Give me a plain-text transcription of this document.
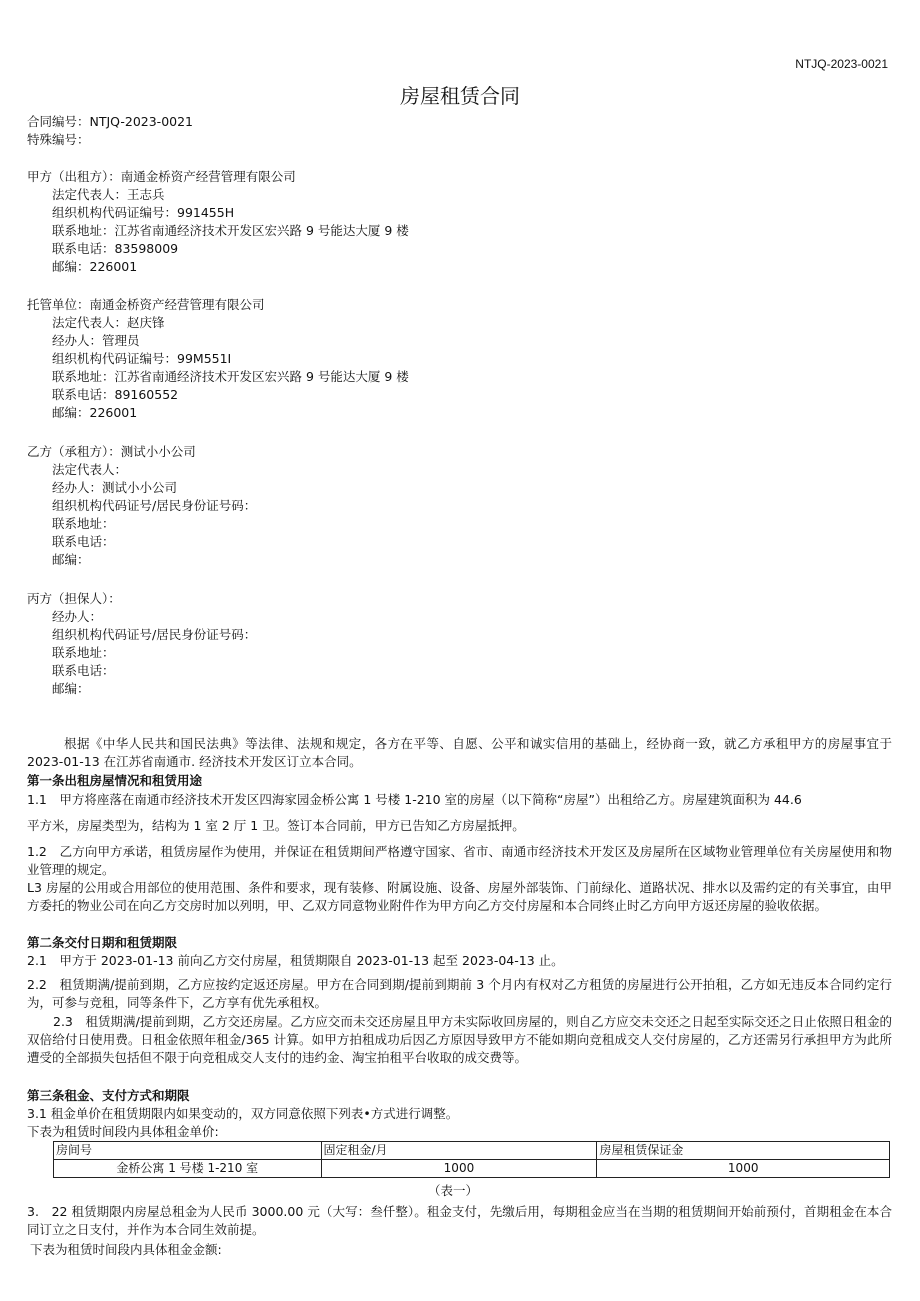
NTJQ-2023-0021
房屋租赁合同
合同编号：NTJQ-2023-0021
特殊编号：
甲方（出租方）：南通金桥资产经营管理有限公司
法定代表人：王志兵
组织机构代码证编号：991455H
联系地址：江苏省南通经济技术开发区宏兴路 9 号能达大厦 9 楼
联系电话：83598009
邮编：226001
托管单位：南通金桥资产经营管理有限公司
法定代表人：赵庆锋
经办人：管理员
组织机构代码证编号：99M551I
联系地址：江苏省南通经济技术开发区宏兴路 9 号能达大厦 9 楼
联系电话：89160552
邮编：226001
乙方（承租方）：测试小小公司
法定代表人：
经办人：测试小小公司
组织机构代码证号/居民身份证号码：
联系地址：
联系电话：
邮编：
丙方（担保人）：
经办人：
组织机构代码证号/居民身份证号码：
联系地址：
联系电话：
邮编：
根据《中华人民共和国民法典》等法律、法规和规定，各方在平等、自愿、公平和诚实信用的基础上，经协商一致，就乙方承租甲方的房屋事宜于 2023-01-13 在江苏省南通市. 经济技术开发区订立本合同。
第一条出租房屋情况和租赁用途
1.1　甲方将座落在南通市经济技术开发区四海家园金桥公寓 1 号楼 1-210 室的房屋（以下简称“房屋”）出租给乙方。房屋建筑面积为 44.6
平方米，房屋类型为，结构为 1 室 2 厅 1 卫。签订本合同前，甲方已告知乙方房屋抵押。
1.2　乙方向甲方承诺，租赁房屋作为使用，并保证在租赁期间严格遵守国家、省市、南通市经济技术开发区及房屋所在区域物业管理单位有关房屋使用和物业管理的规定。
L3 房屋的公用或合用部位的使用范围、条件和要求，现有装修、附属设施、设备、房屋外部装饰、门前绿化、道路状况、排水以及需约定的有关事宜，由甲方委托的物业公司在向乙方交房时加以列明，甲、乙双方同意物业附件作为甲方向乙方交付房屋和本合同终止时乙方向甲方返还房屋的验收依据。
第二条交付日期和租赁期限
2.1　甲方于 2023-01-13 前向乙方交付房屋，租赁期限自 2023-01-13 起至 2023-04-13 止。
2.2　租赁期满/提前到期，乙方应按约定返还房屋。甲方在合同到期/提前到期前 3 个月内有权对乙方租赁的房屋进行公开拍租，乙方如无违反本合同约定行为，可参与竞租，同等条件下，乙方享有优先承租权。
2.3　租赁期满/提前到期，乙方交还房屋。乙方应交而未交还房屋且甲方未实际收回房屋的，则自乙方应交未交还之日起至实际交还之日止依照日租金的双倍给付日使用费。日租金依照年租金/365 计算。如甲方拍租成功后因乙方原因导致甲方不能如期向竞租成交人交付房屋的，乙方还需另行承担甲方为此所遭受的全部损失包括但不限于向竞租成交人支付的违约金、淘宝拍租平台收取的成交费等。
第三条租金、支付方式和期限
3.1 租金单价在租赁期限内如果变动的，双方同意依照下列表•方式进行调整。
下表为租赁时间段内具体租金单价:
房间号	固定租金/月	房屋租赁保证金
金桥公寓 1 号楼 1-210 室	1000	1000
（表一）
3.　22 租赁期限内房屋总租金为人民币 3000.00 元（大写：叁仟整）。租金支付，先缴后用，每期租金应当在当期的租赁期间开始前预付，首期租金在本合同订立之日支付，并作为本合同生效前提。
下表为租赁时间段内具体租金金额:
